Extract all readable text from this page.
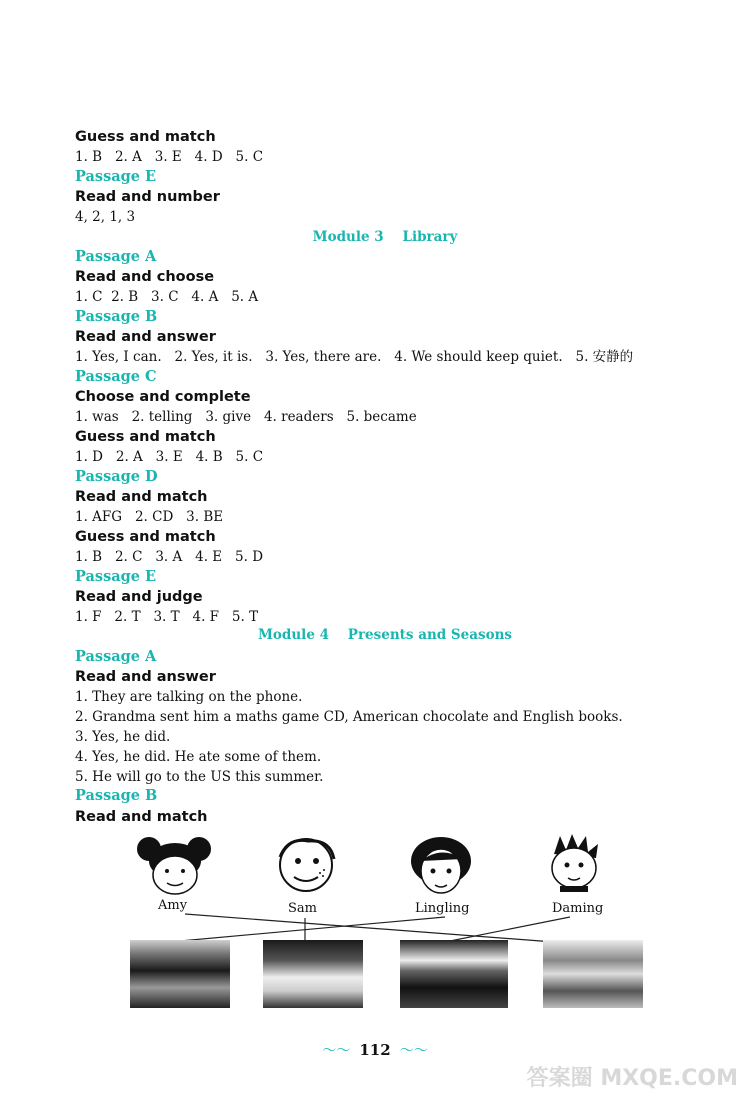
Guess and match
1. B   2. A   3. E   4. D   5. C
Passage E
Read and number
4, 2, 1, 3
Module 3    Library
Passage A
Read and choose
1. C  2. B   3. C   4. A   5. A
Passage B
Read and answer
1. Yes, I can.   2. Yes, it is.   3. Yes, there are.   4. We should keep quiet.   5. 安静的
Passage C
Choose and complete
1. was   2. telling   3. give   4. readers   5. became
Guess and match
1. D   2. A   3. E   4. B   5. C
Passage D
Read and match
1. AFG   2. CD   3. BE
Guess and match
1. B   2. C   3. A   4. E   5. D
Passage E
Read and judge
1. F   2. T   3. T   4. F   5. T
Module 4    Presents and Seasons
Passage A
Read and answer
1. They are talking on the phone.
2. Grandma sent him a maths game CD, American chocolate and English books.
3. Yes, he did.
4. Yes, he did. He ate some of them.
5. He will go to the US this summer.
Passage B
Read and match
Amy	Sam	Lingling	Daming
～～ 112 ～～
答案圈 MXQE.COM
